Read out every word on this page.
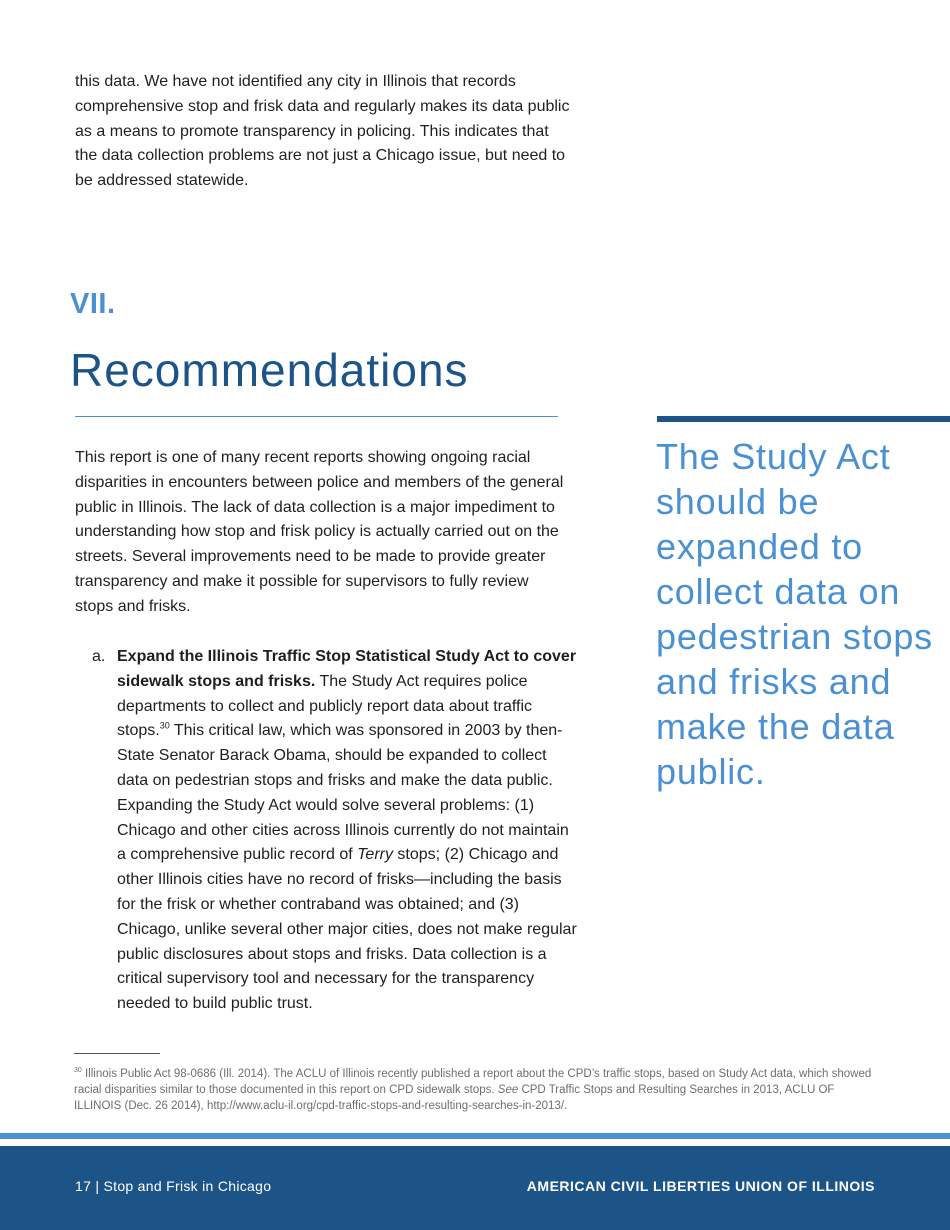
this data. We have not identified any city in Illinois that records comprehensive stop and frisk data and regularly makes its data public as a means to promote transparency in policing. This indicates that the data collection problems are not just a Chicago issue, but need to be addressed statewide.

VII.
Recommendations

This report is one of many recent reports showing ongoing racial disparities in encounters between police and members of the general public in Illinois. The lack of data collection is a major impediment to understanding how stop and frisk policy is actually carried out on the streets. Several improvements need to be made to provide greater transparency and make it possible for supervisors to fully review stops and frisks.

a. Expand the Illinois Traffic Stop Statistical Study Act to cover sidewalk stops and frisks. The Study Act requires police departments to collect and publicly report data about traffic stops.$^{30}$ This critical law, which was sponsored in 2003 by then-State Senator Barack Obama, should be expanded to collect data on pedestrian stops and frisks and make the data public. Expanding the Study Act would solve several problems: (1) Chicago and other cities across Illinois currently do not maintain a comprehensive public record of Terry stops; (2) Chicago and other Illinois cities have no record of frisks—including the basis for the frisk or whether contraband was obtained; and (3) Chicago, unlike several other major cities, does not make regular public disclosures about stops and frisks. Data collection is a critical supervisory tool and necessary for the transparency needed to build public trust.

The Study Act should be expanded to collect data on pedestrian stops and frisks and make the data public.

$^{30}$ Illinois Public Act 98-0686 (Ill. 2014). The ACLU of Illinois recently published a report about the CPD’s traffic stops, based on Study Act data, which showed racial disparities similar to those documented in this report on CPD sidewalk stops. See CPD Traffic Stops and Resulting Searches in 2013, ACLU OF ILLINOIS (Dec. 26 2014), http://www.aclu-il.org/cpd-traffic-stops-and-resulting-searches-in-2013/.

17 | Stop and Frisk in Chicago	AMERICAN CIVIL LIBERTIES UNION OF ILLINOIS
